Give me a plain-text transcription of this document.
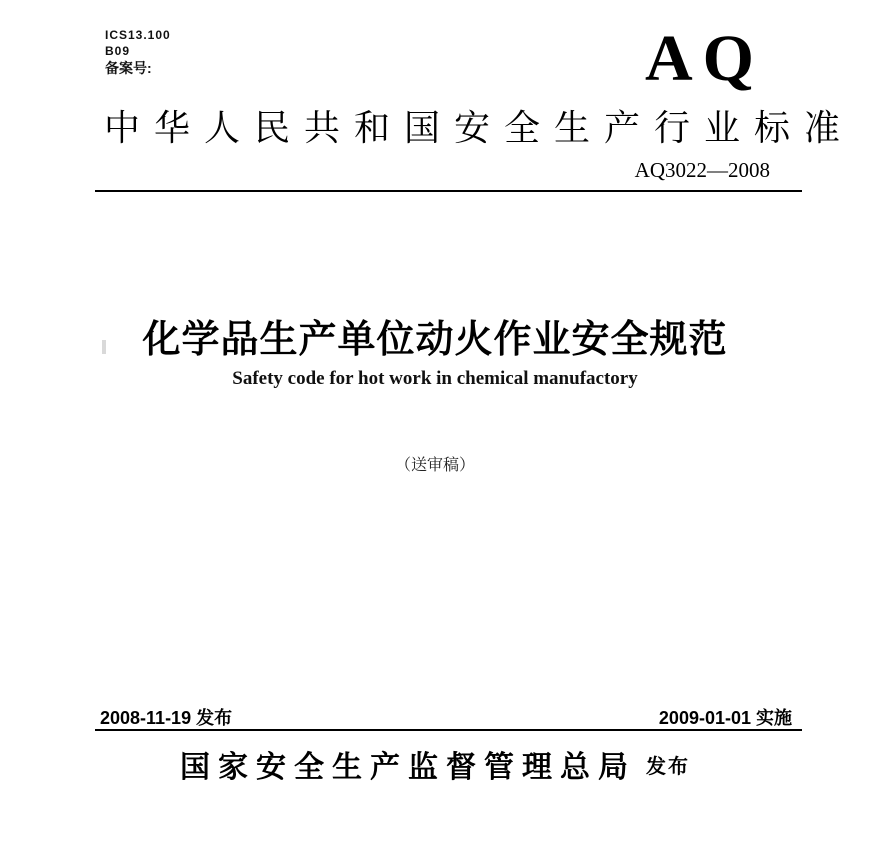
ICS13.100
B09
备案号:	AQ
中华人民共和国安全生产行业标准
AQ3022—2008
化学品生产单位动火作业安全规范
Safety code for hot work in chemical manufactory
（送审稿）
2008-11-19 发布	2009-01-01 实施
国家安全生产监督管理总局 发布
